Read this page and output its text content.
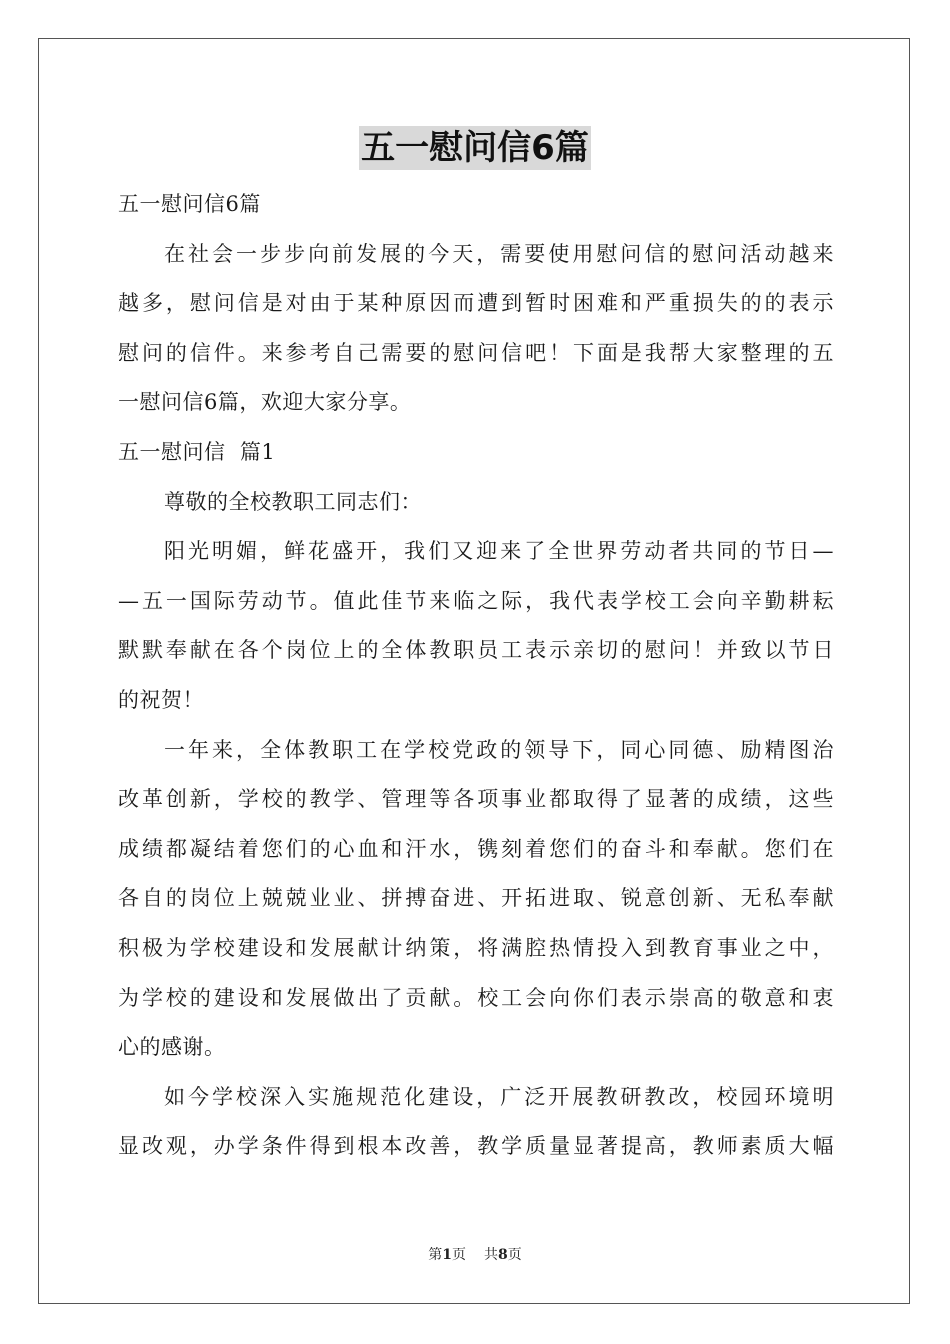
五一慰问信6篇
五一慰问信6篇
在社会一步步向前发展的今天，需要使用慰问信的慰问活动越来
越多，慰问信是对由于某种原因而遭到暂时困难和严重损失的的表示
慰问的信件。来参考自己需要的慰问信吧！下面是我帮大家整理的五
一慰问信6篇，欢迎大家分享。
五一慰问信  篇1
尊敬的全校教职工同志们：
阳光明媚，鲜花盛开，我们又迎来了全世界劳动者共同的节日—
—五一国际劳动节。值此佳节来临之际，我代表学校工会向辛勤耕耘
默默奉献在各个岗位上的全体教职员工表示亲切的慰问！并致以节日
的祝贺！
一年来，全体教职工在学校党政的领导下，同心同德、励精图治
改革创新，学校的教学、管理等各项事业都取得了显著的成绩，这些
成绩都凝结着您们的心血和汗水，镌刻着您们的奋斗和奉献。您们在
各自的岗位上兢兢业业、拼搏奋进、开拓进取、锐意创新、无私奉献
积极为学校建设和发展献计纳策，将满腔热情投入到教育事业之中，
为学校的建设和发展做出了贡献。校工会向你们表示崇高的敬意和衷
心的感谢。
如今学校深入实施规范化建设，广泛开展教研教改，校园环境明
显改观，办学条件得到根本改善，教学质量显著提高，教师素质大幅
第1页 共8页
